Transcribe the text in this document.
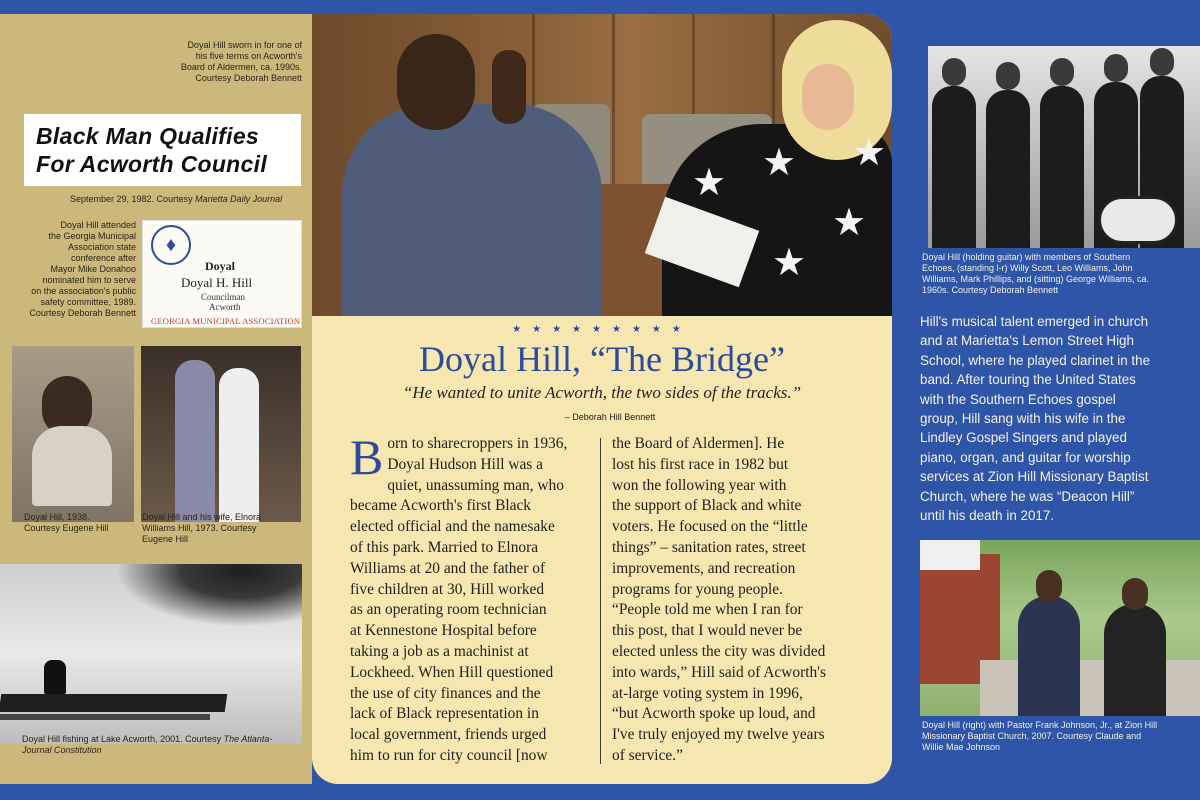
Doyal Hill sworn in for one of
his five terms on Acworth's
Board of Aldermen, ca. 1990s.
Courtesy Deborah Bennett
Black Man Qualifies
For Acworth Council
September 29, 1982. Courtesy Marietta Daily Journal
Doyal Hill attended
the Georgia Municipal
Association state
conference after
Mayor Mike Donahoo
nominated him to serve
on the association's public
safety committee, 1989.
Courtesy Deborah Bennett
♦
Doyal
Doyal H. Hill
Councilman
Acworth
GEORGIA MUNICIPAL ASSOCIATION
Doyal Hill, 1938.
Courtesy Eugene Hill
Doyal Hill and his wife, Elnora
Williams Hill, 1973. Courtesy
Eugene Hill
Doyal Hill fishing at Lake Acworth, 2001. Courtesy The Atlanta-
Journal Constitution
★ ★
★
★
★
★★★★★★★★★
Doyal Hill, “The Bridge”
“He wanted to unite Acworth, the two sides of the tracks.”
– Deborah Hill Bennett
B orn to sharecroppers in 1936,
Doyal Hudson Hill was a
quiet, unassuming man, who
became Acworth's first Black
elected official and the namesake
of this park. Married to Elnora
Williams at 20 and the father of
five children at 30, Hill worked
as an operating room technician
at Kennestone Hospital before
taking a job as a machinist at
Lockheed. When Hill questioned
the use of city finances and the
lack of Black representation in
local government, friends urged
him to run for city council [now
the Board of Aldermen]. He
lost his first race in 1982 but
won the following year with
the support of Black and white
voters. He focused on the “little
things” – sanitation rates, street
improvements, and recreation
programs for young people.
“People told me when I ran for
this post, that I would never be
elected unless the city was divided
into wards,” Hill said of Acworth's
at-large voting system in 1996,
“but Acworth spoke up loud, and
I've truly enjoyed my twelve years
of service.”
Doyal Hill (holding guitar) with members of Southern
Echoes, (standing l-r) Willy Scott, Leo Williams, John
Williams, Mark Phillips, and (sitting) George Williams, ca.
1960s. Courtesy Deborah Bennett
Hill's musical talent emerged in church
and at Marietta's Lemon Street High
School, where he played clarinet in the
band. After touring the United States
with the Southern Echoes gospel
group, Hill sang with his wife in the
Lindley Gospel Singers and played
piano, organ, and guitar for worship
services at Zion Hill Missionary Baptist
Church, where he was “Deacon Hill”
until his death in 2017.
Doyal Hill (right) with Pastor Frank Johnson, Jr., at Zion Hill
Missionary Baptist Church, 2007. Courtesy Claude and
Willie Mae Johnson
